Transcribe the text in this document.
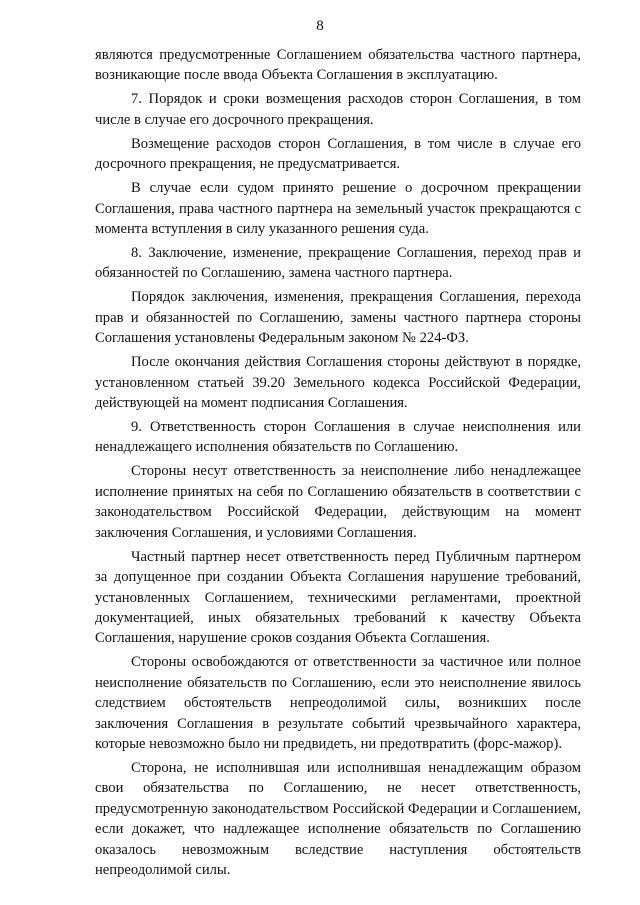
8

являются предусмотренные Соглашением обязательства частного партнера, возникающие после ввода Объекта Соглашения в эксплуатацию.

7. Порядок и сроки возмещения расходов сторон Соглашения, в том числе в случае его досрочного прекращения.

Возмещение расходов сторон Соглашения, в том числе в случае его досрочного прекращения, не предусматривается.

В случае если судом принято решение о досрочном прекращении Соглашения, права частного партнера на земельный участок прекращаются с момента вступления в силу указанного решения суда.

8. Заключение, изменение, прекращение Соглашения, переход прав и обязанностей по Соглашению, замена частного партнера.

Порядок заключения, изменения, прекращения Соглашения, перехода прав и обязанностей по Соглашению, замены частного партнера стороны Соглашения установлены Федеральным законом № 224-ФЗ.

После окончания действия Соглашения стороны действуют в порядке, установленном статьей 39.20 Земельного кодекса Российской Федерации, действующей на момент подписания Соглашения.

9. Ответственность сторон Соглашения в случае неисполнения или ненадлежащего исполнения обязательств по Соглашению.

Стороны несут ответственность за неисполнение либо ненадлежащее исполнение принятых на себя по Соглашению обязательств в соответствии с законодательством Российской Федерации, действующим на момент заключения Соглашения, и условиями Соглашения.

Частный партнер несет ответственность перед Публичным партнером за допущенное при создании Объекта Соглашения нарушение требований, установленных Соглашением, техническими регламентами, проектной документацией, иных обязательных требований к качеству Объекта Соглашения, нарушение сроков создания Объекта Соглашения.

Стороны освобождаются от ответственности за частичное или полное неисполнение обязательств по Соглашению, если это неисполнение явилось следствием обстоятельств непреодолимой силы, возникших после заключения Соглашения в результате событий чрезвычайного характера, которые невозможно было ни предвидеть, ни предотвратить (форс-мажор).

Сторона, не исполнившая или исполнившая ненадлежащим образом свои обязательства по Соглашению, не несет ответственность, предусмотренную законодательством Российской Федерации и Соглашением, если докажет, что надлежащее исполнение обязательств по Соглашению оказалось невозможным вследствие наступления обстоятельств непреодолимой силы.
